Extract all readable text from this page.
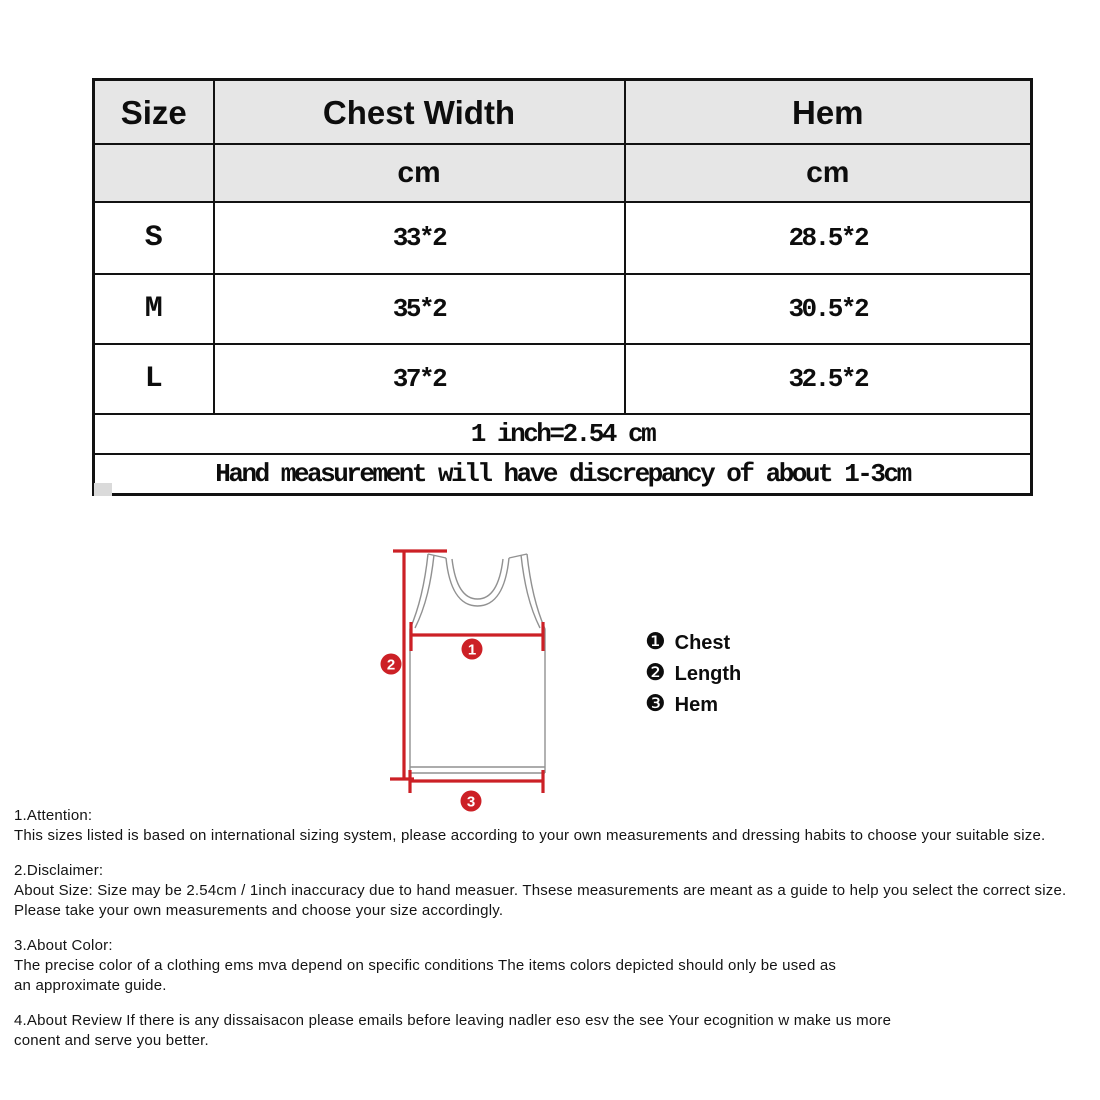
Size	Chest Width	Hem
	cm	cm
S	33*2	28.5*2
M	35*2	30.5*2
L	37*2	32.5*2
1 inch=2.54 cm		
Hand measurement will have discrepancy of about 1-3cm		
1
2
3
❶ Chest
❷ Length
❸ Hem
1.Attention:
This sizes listed is based on international sizing system, please according to your own measurements and dressing habits to choose your suitable size.
2.Disclaimer:
About Size: Size may be 2.54cm / 1inch inaccuracy due to hand measuer. Thsese measurements are meant as a guide to help you select the correct size.
Please take your own measurements and choose your size accordingly.
3.About Color:
The precise color of a clothing ems mva depend on specific conditions The items colors depicted should only be used as
an approximate guide.
4.About Review If there is any dissaisacon please emails before leaving nadler eso esv the see Your ecognition w make us more
conent and serve you better.
